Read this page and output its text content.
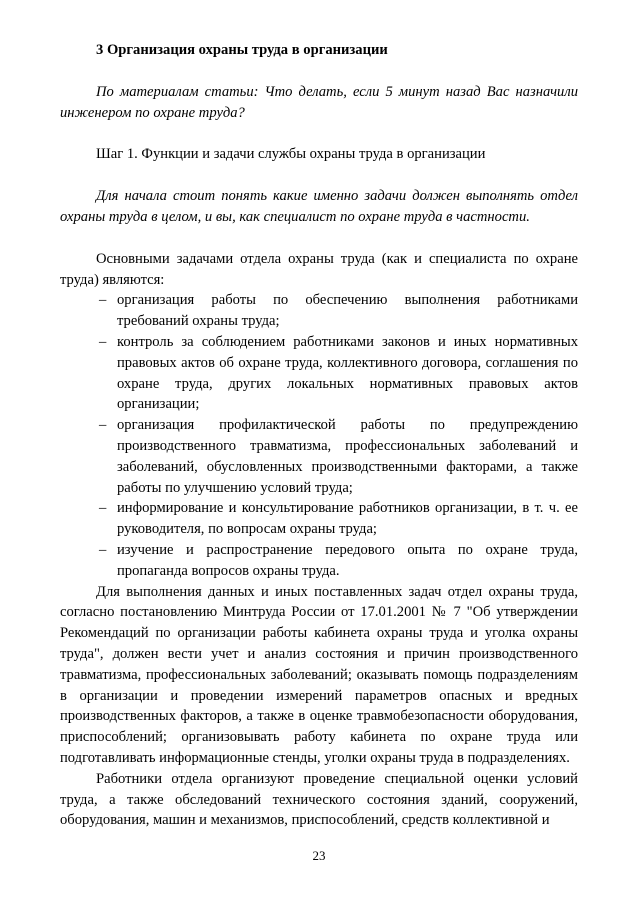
3 Организация охраны труда в организации

По материалам статьи: Что делать, если 5 минут назад Вас назначили инженером по охране труда?

Шаг 1. Функции и задачи службы охраны труда в организации

Для начала стоит понять какие именно задачи должен выполнять отдел охраны труда в целом, и вы, как специалист по охране труда в частности.

Основными задачами отдела охраны труда (как и специалиста по охране труда) являются:

– организация работы по обеспечению выполнения работниками требований охраны труда;
– контроль за соблюдением работниками законов и иных нормативных правовых актов об охране труда, коллективного договора, соглашения по охране труда, других локальных нормативных правовых актов организации;
– организация профилактической работы по предупреждению производственного травматизма, профессиональных заболеваний и заболеваний, обусловленных производственными факторами, а также работы по улучшению условий труда;
– информирование и консультирование работников организации, в т. ч. ее руководителя, по вопросам охраны труда;
– изучение и распространение передового опыта по охране труда, пропаганда вопросов охраны труда.

Для выполнения данных и иных поставленных задач отдел охраны труда, согласно постановлению Минтруда России от 17.01.2001 № 7 "Об утверждении Рекомендаций по организации работы кабинета охраны труда и уголка охраны труда", должен вести учет и анализ состояния и причин производственного травматизма, профессиональных заболеваний; оказывать помощь подразделениям в организации и проведении измерений параметров опасных и вредных производственных факторов, а также в оценке травмобезопасности оборудования, приспособлений; организовывать работу кабинета по охране труда или подготавливать информационные стенды, уголки охраны труда в подразделениях.

Работники отдела организуют проведение специальной оценки условий труда, а также обследований технического состояния зданий, сооружений, оборудования, машин и механизмов, приспособлений, средств коллективной и

23
